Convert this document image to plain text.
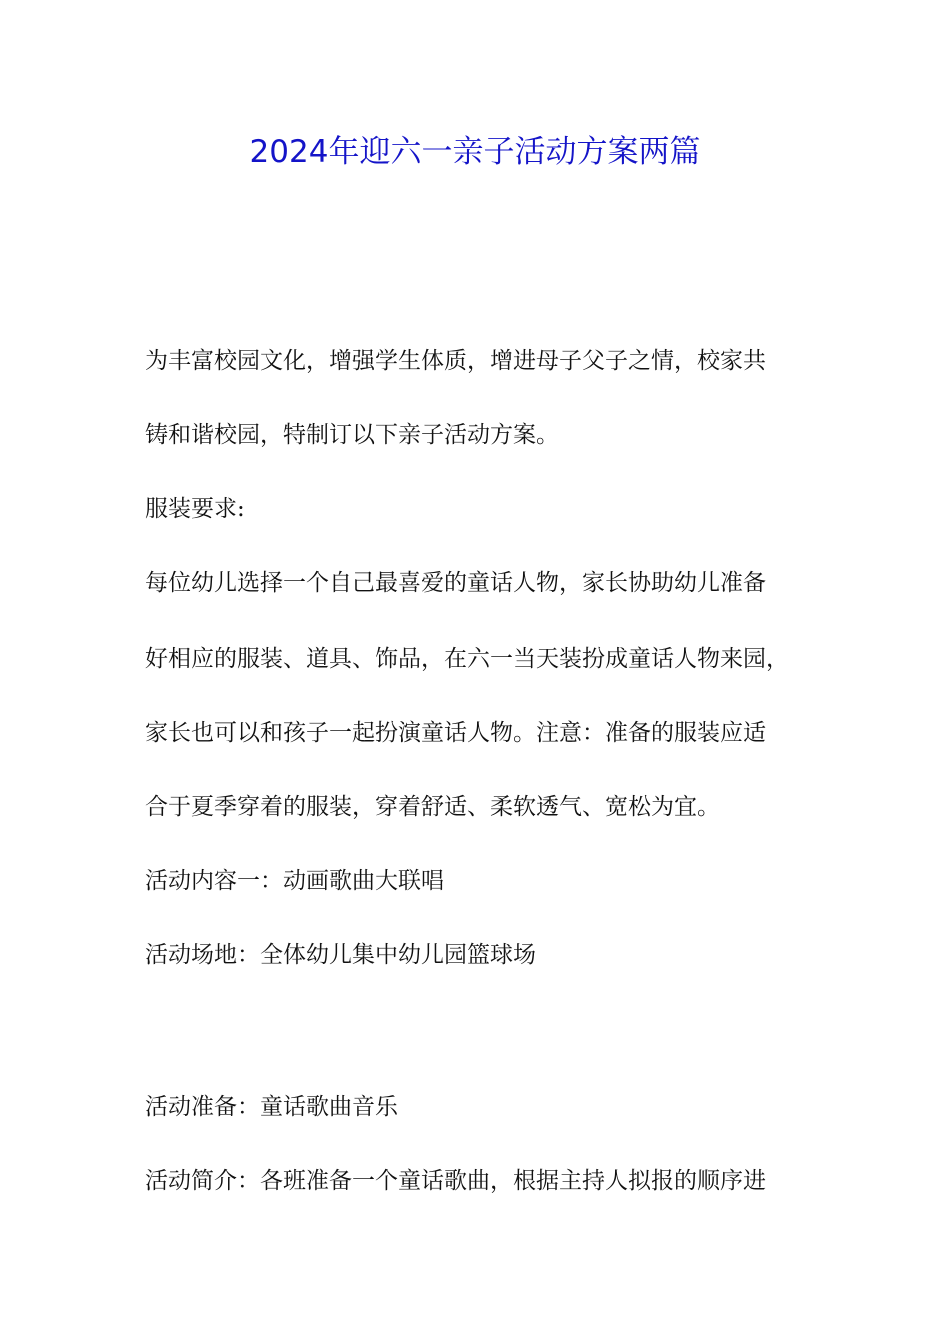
2024年迎六一亲子活动方案两篇
为丰富校园文化，增强学生体质，增进母子父子之情，校家共
铸和谐校园，特制订以下亲子活动方案。
服装要求:
每位幼儿选择一个自己最喜爱的童话人物，家长协助幼儿准备
好相应的服装、道具、饰品，在六一当天装扮成童话人物来园，
家长也可以和孩子一起扮演童话人物。注意：准备的服装应适
合于夏季穿着的服装，穿着舒适、柔软透气、宽松为宜。
活动内容一：动画歌曲大联唱
活动场地：全体幼儿集中幼儿园篮球场
活动准备：童话歌曲音乐
活动简介：各班准备一个童话歌曲，根据主持人拟报的顺序进
